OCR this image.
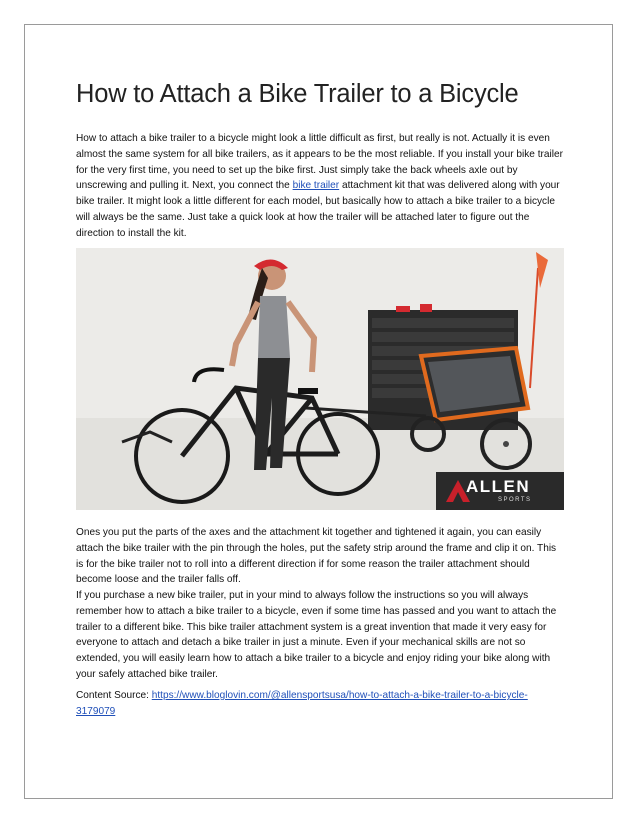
How to Attach a Bike Trailer to a Bicycle

How to attach a bike trailer to a bicycle might look a little difficult as first, but really is not. Actually it is even almost the same system for all bike trailers, as it appears to be the most reliable. If you install your bike trailer for the very first time, you need to set up the bike first. Just simply take the back wheels axle out by unscrewing and pulling it. Next, you connect the bike trailer attachment kit that was delivered along with your bike trailer. It might look a little different for each model, but basically how to attach a bike trailer to a bicycle will always be the same. Just take a quick look at how the trailer will be attached later to figure out the direction to install the kit.

ALLEN
SPORTS

Ones you put the parts of the axes and the attachment kit together and tightened it again, you can easily attach the bike trailer with the pin through the holes, put the safety strip around the frame and clip it on. This is for the bike trailer not to roll into a different direction if for some reason the trailer attachment should become loose and the trailer falls off.

If you purchase a new bike trailer, put in your mind to always follow the instructions so you will always remember how to attach a bike trailer to a bicycle, even if some time has passed and you want to attach the trailer to a different bike. This bike trailer attachment system is a great invention that made it very easy for everyone to attach and detach a bike trailer in just a minute. Even if your mechanical skills are not so extended, you will easily learn how to attach a bike trailer to a bicycle and enjoy riding your bike along with your safely attached bike trailer.

Content Source: https://www.bloglovin.com/@allensportsusa/how-to-attach-a-bike-trailer-to-a-bicycle-3179079
